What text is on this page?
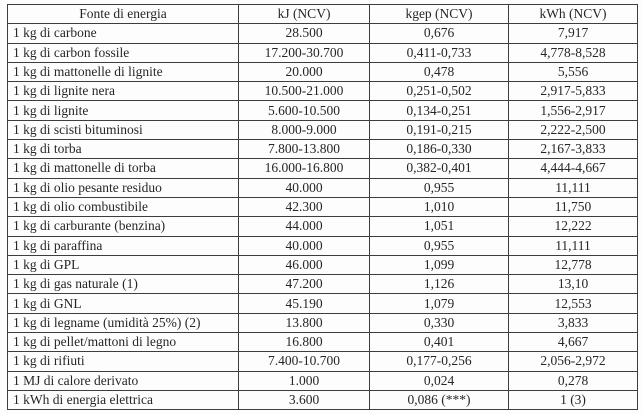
Fonte di energia	kJ (NCV)	kgep (NCV)	kWh (NCV)
1 kg di carbone	28.500	0,676	7,917
1 kg di carbon fossile	17.200-30.700	0,411-0,733	4,778-8,528
1 kg di mattonelle di lignite	20.000	0,478	5,556
1 kg di lignite nera	10.500-21.000	0,251-0,502	2,917-5,833
1 kg di lignite	5.600-10.500	0,134-0,251	1,556-2,917
1 kg di scisti bituminosi	8.000-9.000	0,191-0,215	2,222-2,500
1 kg di torba	7.800-13.800	0,186-0,330	2,167-3,833
1 kg di mattonelle di torba	16.000-16.800	0,382-0,401	4,444-4,667
1 kg di olio pesante residuo	40.000	0,955	11,111
1 kg di olio combustibile	42.300	1,010	11,750
1 kg di carburante (benzina)	44.000	1,051	12,222
1 kg di paraffina	40.000	0,955	11,111
1 kg di GPL	46.000	1,099	12,778
1 kg di gas naturale (1)	47.200	1,126	13,10
1 kg di GNL	45.190	1,079	12,553
1 kg di legname (umidità 25%) (2)	13.800	0,330	3,833
1 kg di pellet/mattoni di legno	16.800	0,401	4,667
1 kg di rifiuti	7.400-10.700	0,177-0,256	2,056-2,972
1 MJ di calore derivato	1.000	0,024	0,278
1 kWh di energia elettrica	3.600	0,086 (***)	1 (3)
